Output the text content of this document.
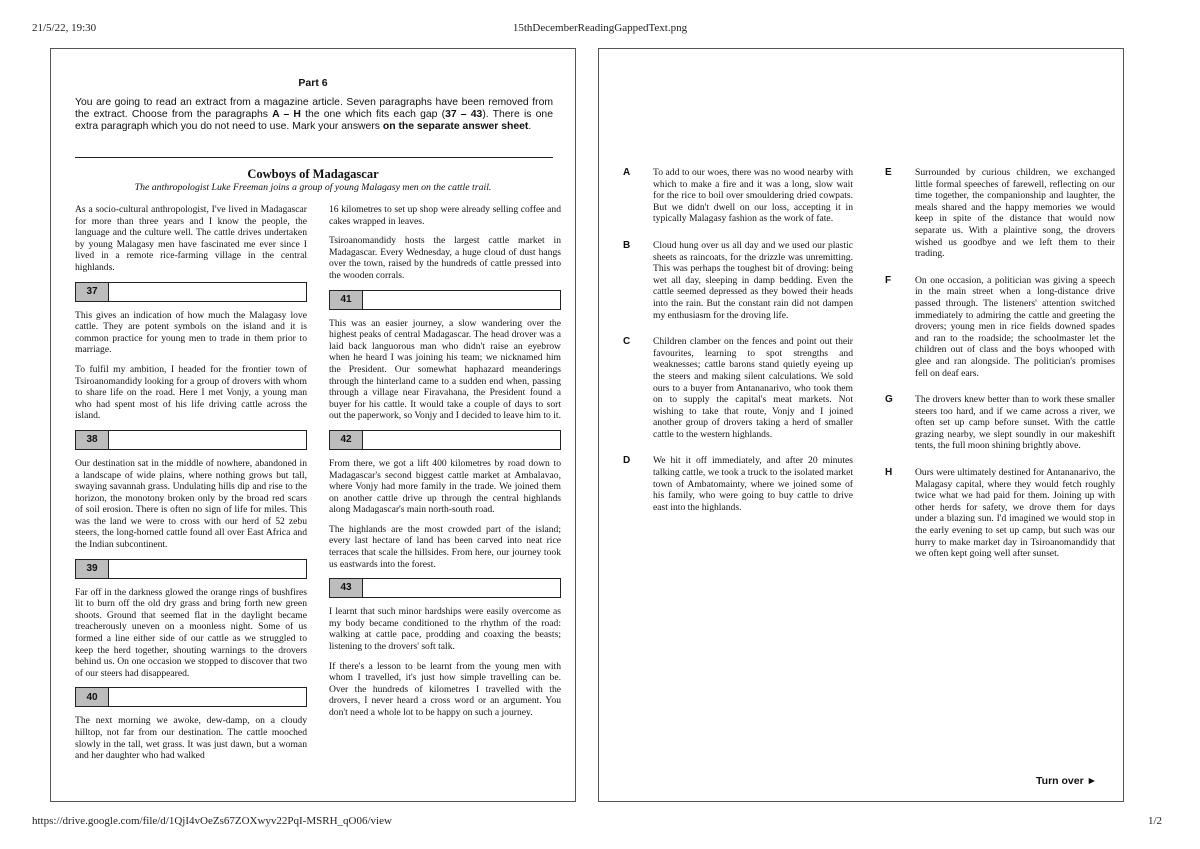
21/5/22, 19:30	15thDecemberReadingGappedText.png
Part 6
You are going to read an extract from a magazine article. Seven paragraphs have been removed from the extract. Choose from the paragraphs A – H the one which fits each gap (37 – 43). There is one extra paragraph which you do not need to use. Mark your answers on the separate answer sheet.
Cowboys of Madagascar
The anthropologist Luke Freeman joins a group of young Malagasy men on the cattle trail.

As a socio-cultural anthropologist, I've lived in Madagascar for more than three years and I know the people, the language and the culture well. The cattle drives undertaken by young Malagasy men have fascinated me ever since I lived in a remote rice-farming village in the central highlands.

37

This gives an indication of how much the Malagasy love cattle. They are potent symbols on the island and it is common practice for young men to trade in them prior to marriage.

To fulfil my ambition, I headed for the frontier town of Tsiroanomandidy looking for a group of drovers with whom to share life on the road. Here I met Vonjy, a young man who had spent most of his life driving cattle across the island.

38

Our destination sat in the middle of nowhere, abandoned in a landscape of wide plains, where nothing grows but tall, swaying savannah grass. Undulating hills dip and rise to the horizon, the monotony broken only by the broad red scars of soil erosion. There is often no sign of life for miles. This was the land we were to cross with our herd of 52 zebu steers, the long-horned cattle found all over East Africa and the Indian subcontinent.

39

Far off in the darkness glowed the orange rings of bushfires lit to burn off the old dry grass and bring forth new green shoots. Ground that seemed flat in the daylight became treacherously uneven on a moonless night. Some of us formed a line either side of our cattle as we struggled to keep the herd together, shouting warnings to the drovers behind us. On one occasion we stopped to discover that two of our steers had disappeared.

40

The next morning we awoke, dew-damp, on a cloudy hilltop, not far from our destination. The cattle mooched slowly in the tall, wet grass. It was just dawn, but a woman and her daughter who had walked

16 kilometres to set up shop were already selling coffee and cakes wrapped in leaves.

Tsiroanomandidy hosts the largest cattle market in Madagascar. Every Wednesday, a huge cloud of dust hangs over the town, raised by the hundreds of cattle pressed into the wooden corrals.

41

This was an easier journey, a slow wandering over the highest peaks of central Madagascar. The head drover was a laid back languorous man who didn't raise an eyebrow when he heard I was joining his team; we nicknamed him the President. Our somewhat haphazard meanderings through the hinterland came to a sudden end when, passing through a village near Firavahana, the President found a buyer for his cattle. It would take a couple of days to sort out the paperwork, so Vonjy and I decided to leave him to it.

42

From there, we got a lift 400 kilometres by road down to Madagascar's second biggest cattle market at Ambalavao, where Vonjy had more family in the trade. We joined them on another cattle drive up through the central highlands along Madagascar's main north-south road.

The highlands are the most crowded part of the island; every last hectare of land has been carved into neat rice terraces that scale the hillsides. From here, our journey took us eastwards into the forest.

43

I learnt that such minor hardships were easily overcome as my body became conditioned to the rhythm of the road: walking at cattle pace, prodding and coaxing the beasts; listening to the drovers' soft talk.

If there's a lesson to be learnt from the young men with whom I travelled, it's just how simple travelling can be. Over the hundreds of kilometres I travelled with the drovers, I never heard a cross word or an argument. You don't need a whole lot to be happy on such a journey.

A	To add to our woes, there was no wood nearby with which to make a fire and it was a long, slow wait for the rice to boil over smouldering dried cowpats. But we didn't dwell on our loss, accepting it in typically Malagasy fashion as the work of fate.
B	Cloud hung over us all day and we used our plastic sheets as raincoats, for the drizzle was unremitting. This was perhaps the toughest bit of droving: being wet all day, sleeping in damp bedding. Even the cattle seemed depressed as they bowed their heads into the rain. But the constant rain did not dampen my enthusiasm for the droving life.
C	Children clamber on the fences and point out their favourites, learning to spot strengths and weaknesses; cattle barons stand quietly eyeing up the steers and making silent calculations. We sold ours to a buyer from Antananarivo, who took them on to supply the capital's meat markets. Not wishing to take that route, Vonjy and I joined another group of drovers taking a herd of smaller cattle to the western highlands.
D	We hit it off immediately, and after 20 minutes talking cattle, we took a truck to the isolated market town of Ambatomainty, where we joined some of his family, who were going to buy cattle to drive east into the highlands.
E	Surrounded by curious children, we exchanged little formal speeches of farewell, reflecting on our time together, the companionship and laughter, the meals shared and the happy memories we would keep in spite of the distance that would now separate us. With a plaintive song, the drovers wished us goodbye and we left them to their trading.
F	On one occasion, a politician was giving a speech in the main street when a long-distance drive passed through. The listeners' attention switched immediately to admiring the cattle and greeting the drovers; young men in rice fields downed spades and ran to the roadside; the schoolmaster let the children out of class and the boys whooped with glee and ran alongside. The politician's promises fell on deaf ears.
G	The drovers knew better than to work these smaller steers too hard, and if we came across a river, we often set up camp before sunset. With the cattle grazing nearby, we slept soundly in our makeshift tents, the full moon shining brightly above.
H	Ours were ultimately destined for Antananarivo, the Malagasy capital, where they would fetch roughly twice what we had paid for them. Joining up with other herds for safety, we drove them for days under a blazing sun. I'd imagined we would stop in the early evening to set up camp, but such was our hurry to make market day in Tsiroanomandidy that we often kept going well after sunset.
Turn over ►
https://drive.google.com/file/d/1QjI4vOeZs67ZOXwyv22PqI-MSRH_qO06/view	1/2
